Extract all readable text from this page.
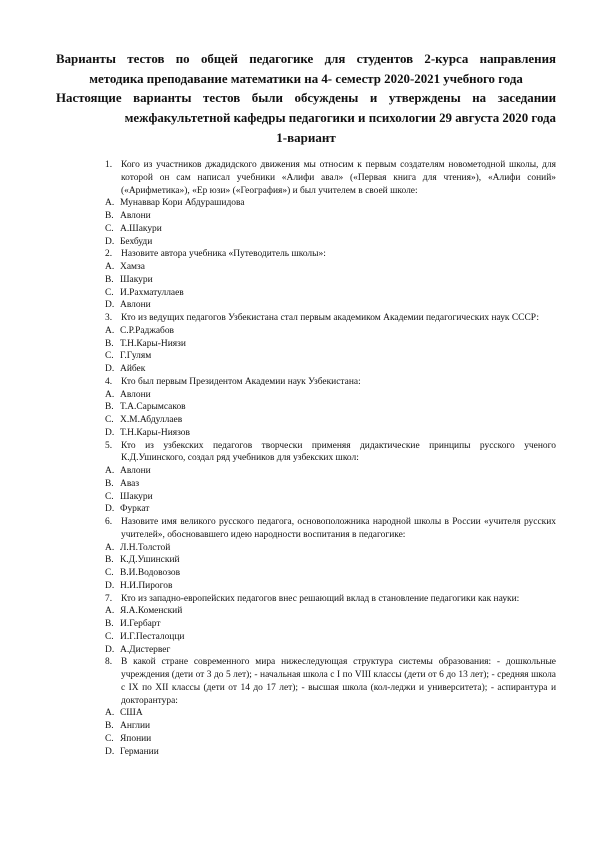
Варианты тестов по общей педагогике для студентов 2-курса направления
методика преподавание математики на 4- семестр 2020-2021 учебного года
Настоящие варианты тестов были обсуждены и утверждены на заседании
межфакультетной кафедры педагогики и психологии 29 августа 2020 года
1-вариант
1. Кого из участников джадидского движения мы относим к первым создателям новометодной школы, для которой он сам написал учебники «Алифи авал» («Первая книга для чтения»), «Алифи соний» («Арифметика»), «Ер юзи» («География») и был учителем в своей школе:
A. Мунаввар Кори Абдурашидова
B. Авлони
C. А.Шакури
D. Бехбуди
2. Назовите автора учебника «Путеводитель школы»:
A. Хамза
B. Шакури
C. И.Рахматуллаев
D. Авлони
3. Кто из ведущих педагогов Узбекистана стал первым академиком Академии педагогических наук СССР:
A. С.Р.Раджабов
B. Т.Н.Кары-Ниязи
C. Г.Гулям
D. Айбек
4. Кто был первым Президентом Академии наук Узбекистана:
A. Авлони
B. Т.А.Сарымсаков
C. Х.М.Абдуллаев
D. Т.Н.Кары-Ниязов
5. Кто из узбекских педагогов творчески применяя дидактические принципы русского ученого К.Д.Ушинского, создал ряд учебников для узбекских школ:
A. Авлони
B. Аваз
C. Шакури
D. Фуркат
6. Назовите имя великого русского педагога, основоположника народной школы в России «учителя русских учителей», обосновавшего идею народности воспитания в педагогике:
A. Л.Н.Толстой
B. К.Д.Ушинский
C. В.И.Водовозов
D. Н.И.Пирогов
7. Кто из западно-европейских педагогов внес решающий вклад в становление педагогики как науки:
A. Я.А.Коменский
B. И.Гербарт
C. И.Г.Песталоцци
D. А.Дистервег
8. В какой стране современного мира нижеследующая структура системы образования: - дошкольные учреждения (дети от 3 до 5 лет); - начальная школа с I по VIII классы (дети от 6 до 13 лет); - средняя школа с IX по XII классы (дети от 14 до 17 лет); - высшая школа (кол-леджи и университета); - аспирантура и докторантура:
A. США
B. Англии
C. Японии
D. Германии
